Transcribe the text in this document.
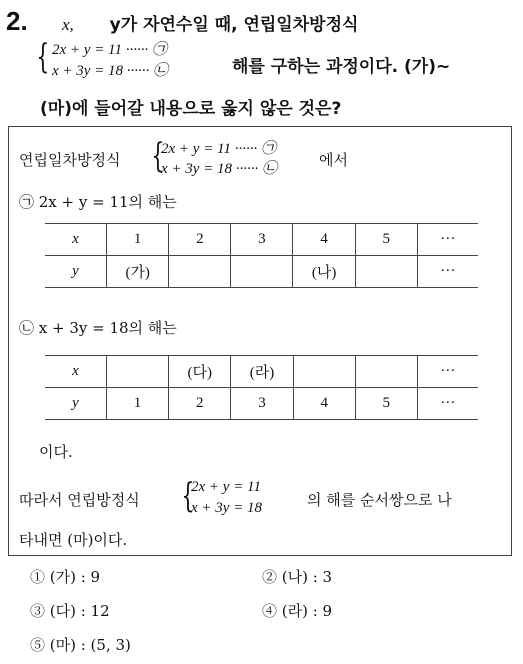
2. x, y가 자연수일 때, 연립일차방정식
{ 2x + y = 11 ······ ㉠
x + 3y = 18 ······ ㉡	해를 구하는 과정이다. (가)~
(마)에 들어갈 내용으로 옳지 않은 것은?
연립일차방정식 {
2x + y = 11 ······ ㉠
x + 3y = 18 ······ ㉡	에서
㉠ 2x + y = 11의 해는
x	1	2	3	4	5	···
y	(가)			(나)		···
㉡ x + 3y = 18의 해는
x		(다)	(라)			···
y	1	2	3	4	5	···
이다.
따라서 연립방정식 {
2x + y = 11
x + 3y = 18	의 해를 순서쌍으로 나
타내면 (마)이다.
① (가) : 9	② (나) : 3
③ (다) : 12	④ (라) : 9
⑤ (마) : (5, 3)
